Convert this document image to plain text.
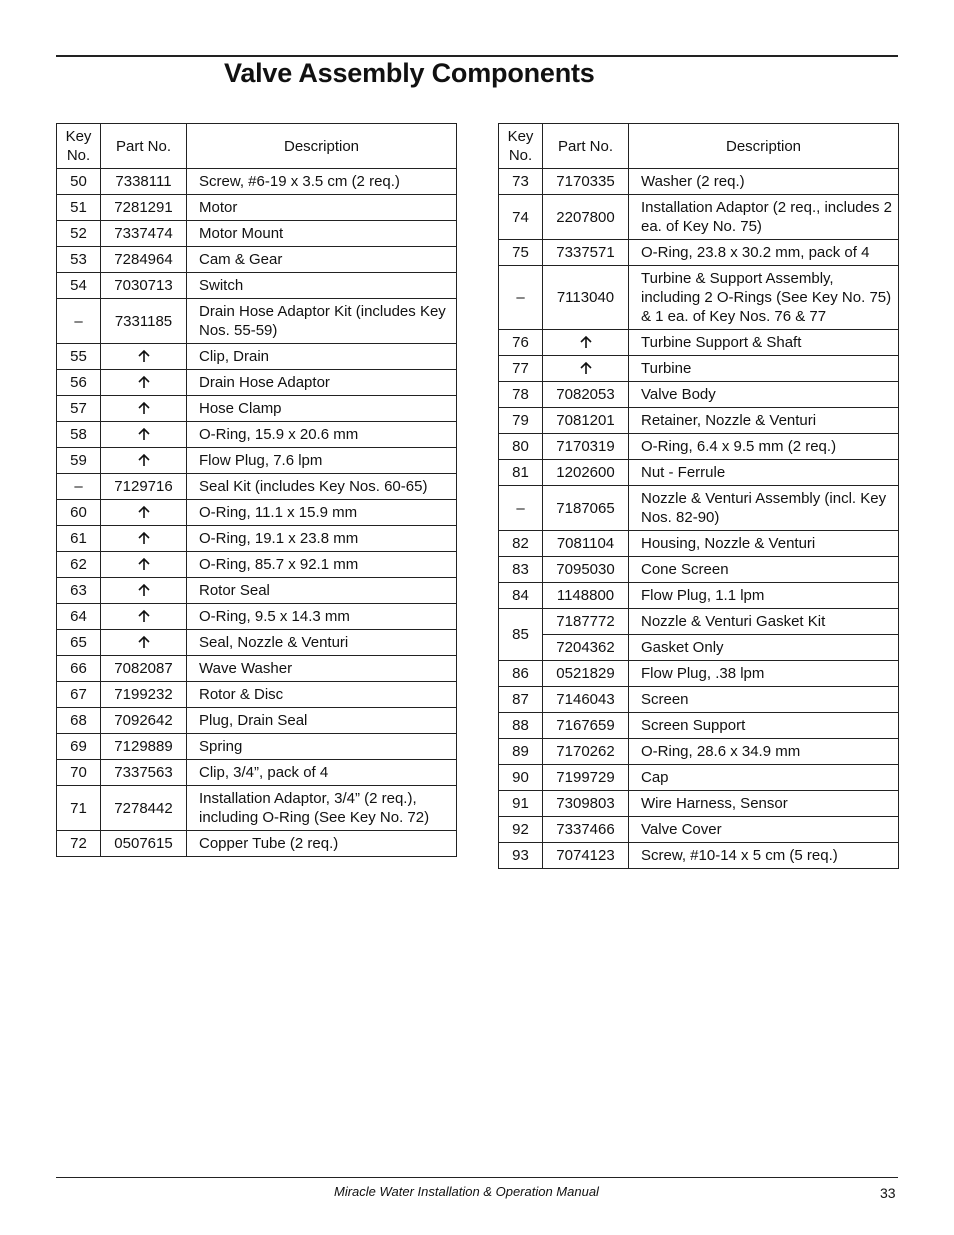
Valve Assembly Components
Key No.	Part No.	Description
50	7338111	Screw, #6-19 x 3.5 cm (2 req.)
51	7281291	Motor
52	7337474	Motor Mount
53	7284964	Cam & Gear
54	7030713	Switch
–	7331185	Drain Hose Adaptor Kit (includes Key Nos. 55-59)
55		Clip, Drain
56		Drain Hose Adaptor
57		Hose Clamp
58		O-Ring, 15.9 x 20.6 mm
59		Flow Plug, 7.6 lpm
–	7129716	Seal Kit (includes Key Nos. 60-65)
60		O-Ring, 11.1 x 15.9 mm
61		O-Ring, 19.1 x 23.8 mm
62		O-Ring, 85.7 x 92.1 mm
63		Rotor Seal
64		O-Ring, 9.5 x 14.3 mm
65		Seal, Nozzle & Venturi
66	7082087	Wave Washer
67	7199232	Rotor & Disc
68	7092642	Plug, Drain Seal
69	7129889	Spring
70	7337563	Clip, 3/4”, pack of 4
71	7278442	Installation Adaptor, 3/4” (2 req.), including O-Ring (See Key No. 72)
72	0507615	Copper Tube (2 req.)
Key No.	Part No.	Description
73	7170335	Washer (2 req.)
74	2207800	Installation Adaptor (2 req., includes 2 ea. of Key No. 75)
75	7337571	O-Ring, 23.8 x 30.2 mm, pack of 4
–	7113040	Turbine & Support Assembly, including 2 O-Rings (See Key No. 75) & 1 ea. of Key Nos. 76 & 77
76		Turbine Support & Shaft
77		Turbine
78	7082053	Valve Body
79	7081201	Retainer, Nozzle & Venturi
80	7170319	O-Ring, 6.4 x 9.5 mm (2 req.)
81	1202600	Nut - Ferrule
–	7187065	Nozzle & Venturi Assembly (incl. Key Nos. 82-90)
82	7081104	Housing, Nozzle & Venturi
83	7095030	Cone Screen
84	1148800	Flow Plug, 1.1 lpm
85	7187772	Nozzle & Venturi Gasket Kit
	7204362	Gasket Only
86	0521829	Flow Plug, .38 lpm
87	7146043	Screen
88	7167659	Screen Support
89	7170262	O-Ring, 28.6 x 34.9 mm
90	7199729	Cap
91	7309803	Wire Harness, Sensor
92	7337466	Valve Cover
93	7074123	Screw, #10-14 x 5 cm (5 req.)
Miracle Water Installation & Operation Manual	33
